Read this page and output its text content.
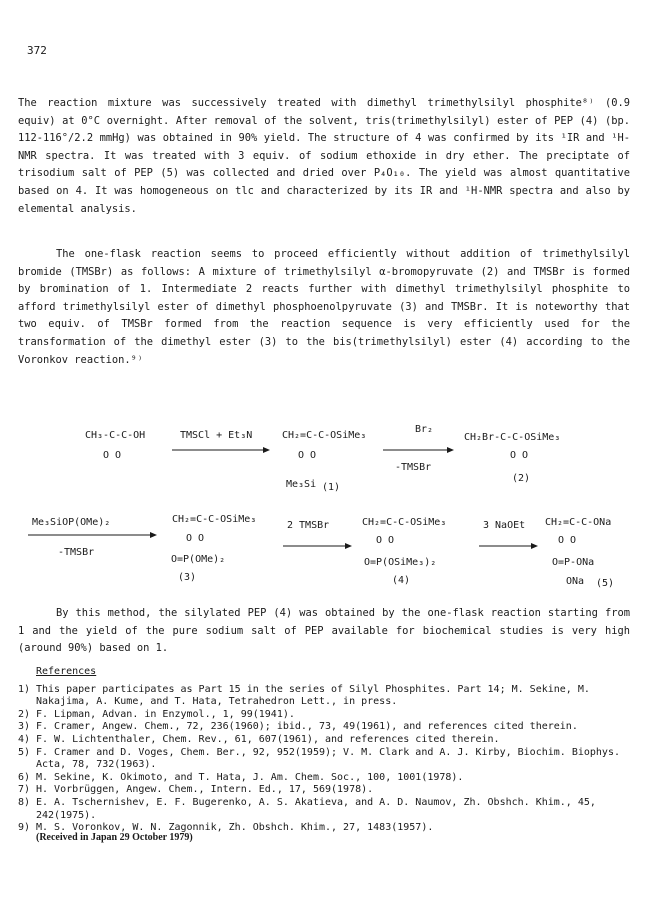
372

The reaction mixture was successively treated with dimethyl trimethylsilyl phosphite⁸⁾ (0.9 equiv) at 0°C overnight. After removal of the solvent, tris(trimethylsilyl) ester of PEP (4) (bp. 112-116°/2.2 mmHg) was obtained in 90% yield. The structure of 4 was confirmed by its ¹IR and ¹H-NMR spectra. It was treated with 3 equiv. of sodium ethoxide in dry ether. The preciptate of trisodium salt of PEP (5) was collected and dried over P₄O₁₀. The yield was almost quantitative based on 4. It was homogeneous on tlc and characterized by its IR and ¹H-NMR spectra and also by elemental analysis.

The one-flask reaction seems to proceed efficiently without addition of trimethylsilyl bromide (TMSBr) as follows: A mixture of trimethylsilyl α-bromopyruvate (2) and TMSBr is formed by bromination of 1. Intermediate 2 reacts further with dimethyl trimethylsilyl phosphite to afford trimethylsilyl ester of dimethyl phosphoenolpyruvate (3) and TMSBr. It is noteworthy that two equiv. of TMSBr formed from the reaction sequence is very efficiently used for the transformation of the dimethyl ester (3) to the bis(trimethylsilyl) ester (4) according to the Voronkov reaction.⁹⁾

CH₃-C-C-OH
O O
TMSCl + Et₃N	CH₂=C-C-OSiMe₃
O O
Me₃Si (1)
Br₂
-TMSBr
CH₂Br-C-C-OSiMe₃
O O
(2)
Me₃SiOP(OMe)₂
-TMSBr
CH₂=C-C-OSiMe₃
O O
O=P(OMe)₂
(3)
2 TMSBr	CH₂=C-C-OSiMe₃
O O
O=P(OSiMe₃)₂
(4)
3 NaOEt CH₂=C-C-ONa
O O
O=P-ONa
ONa (5)

By this method, the silylated PEP (4) was obtained by the one-flask reaction starting from 1 and the yield of the pure sodium salt of PEP available for biochemical studies is very high (around 90%) based on 1.

References
1) This paper participates as Part 15 in the series of Silyl Phosphites. Part 14; M. Sekine, M. Nakajima, A. Kume, and T. Hata, Tetrahedron Lett., in press.
2) F. Lipman, Advan. in Enzymol., 1, 99(1941).
3) F. Cramer, Angew. Chem., 72, 236(1960); ibid., 73, 49(1961), and references cited therein.
4) F. W. Lichtenthaler, Chem. Rev., 61, 607(1961), and references cited therein.
5) F. Cramer and D. Voges, Chem. Ber., 92, 952(1959); V. M. Clark and A. J. Kirby, Biochim. Biophys. Acta, 78, 732(1963).
6) M. Sekine, K. Okimoto, and T. Hata, J. Am. Chem. Soc., 100, 1001(1978).
7) H. Vorbrüggen, Angew. Chem., Intern. Ed., 17, 569(1978).
8) E. A. Tschernishev, E. F. Bugerenko, A. S. Akatieva, and A. D. Naumov, Zh. Obshch. Khim., 45, 242(1975).
9) M. S. Voronkov, W. N. Zagonnik, Zh. Obshch. Khim., 27, 1483(1957).
(Received in Japan 29 October 1979)
